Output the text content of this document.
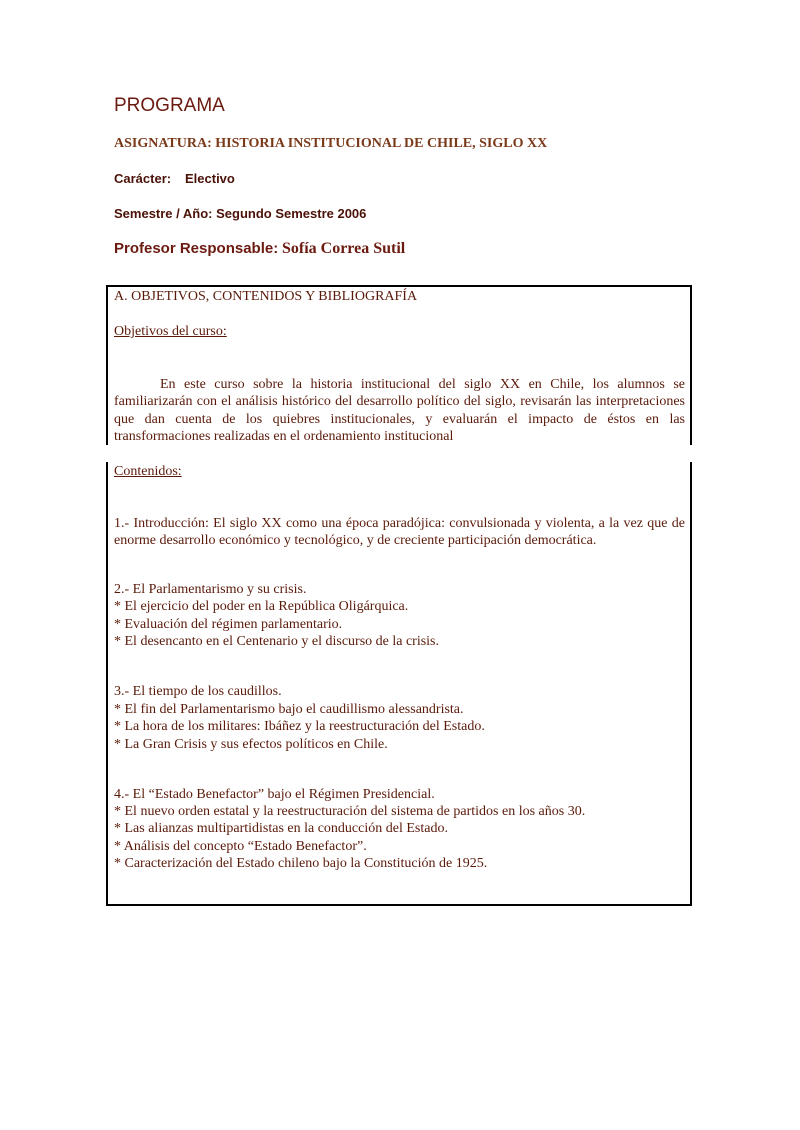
PROGRAMA
ASIGNATURA: HISTORIA INSTITUCIONAL DE CHILE, SIGLO XX
Carácter: Electivo
Semestre / Año: Segundo Semestre 2006
Profesor Responsable: Sofía Correa Sutil
A. OBJETIVOS, CONTENIDOS Y BIBLIOGRAFÍA
Objetivos del curso:
En este curso sobre la historia institucional del siglo XX en Chile, los alumnos se familiarizarán con el análisis histórico del desarrollo político del siglo, revisarán las interpretaciones que dan cuenta de los quiebres institucionales, y evaluarán el impacto de éstos en las transformaciones realizadas en el ordenamiento institucional
Contenidos:
1.- Introducción: El siglo XX como una época paradójica: convulsionada y violenta, a la vez que de enorme desarrollo económico y tecnológico, y de creciente participación democrática.
2.- El Parlamentarismo y su crisis.
* El ejercicio del poder en la República Oligárquica.
* Evaluación del régimen parlamentario.
* El desencanto en el Centenario y el discurso de la crisis.
3.- El tiempo de los caudillos.
* El fin del Parlamentarismo bajo el caudillismo alessandrista.
* La hora de los militares: Ibáñez y la reestructuración del Estado.
* La Gran Crisis y sus efectos políticos en Chile.
4.- El “Estado Benefactor” bajo el Régimen Presidencial.
* El nuevo orden estatal y la reestructuración del sistema de partidos en los años 30.
* Las alianzas multipartidistas en la conducción del Estado.
* Análisis del concepto “Estado Benefactor”.
* Caracterización del Estado chileno bajo la Constitución de 1925.
